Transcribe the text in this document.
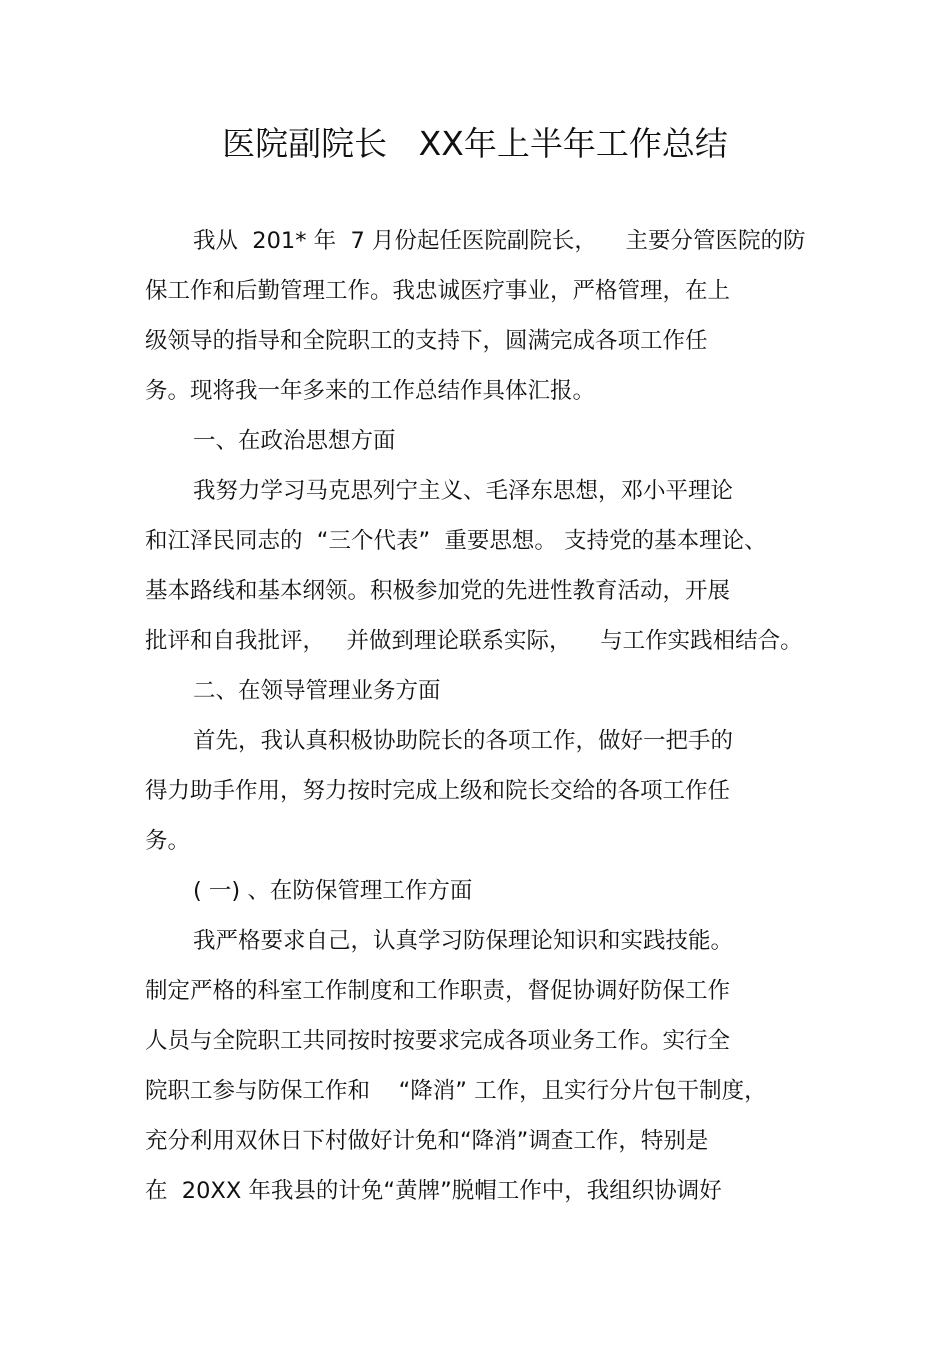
医院副院长   XX年上半年工作总结

我从  201* 年  7 月份起任医院副院长，    主要分管医院的防

保工作和后勤管理工作。我忠诚医疗事业，严格管理，在上

级领导的指导和全院职工的支持下，圆满完成各项工作任

务。现将我一年多来的工作总结作具体汇报。

一、在政治思想方面

我努力学习马克思列宁主义、毛泽东思想，邓小平理论

和江泽民同志的  “三个代表”  重要思想。 支持党的基本理论、

基本路线和基本纲领。积极参加党的先进性教育活动，开展

批评和自我批评，   并做到理论联系实际，    与工作实践相结合。

二、在领导管理业务方面

首先，我认真积极协助院长的各项工作，做好一把手的

得力助手作用，努力按时完成上级和院长交给的各项工作任

务。

( 一) 、在防保管理工作方面

我严格要求自己，认真学习防保理论知识和实践技能。

制定严格的科室工作制度和工作职责，督促协调好防保工作

人员与全院职工共同按时按要求完成各项业务工作。实行全

院职工参与防保工作和    “降消” 工作，且实行分片包干制度，

充分利用双休日下村做好计免和“降消”调查工作，特别是

在  20XX 年我县的计免“黄牌”脱帽工作中，我组织协调好
